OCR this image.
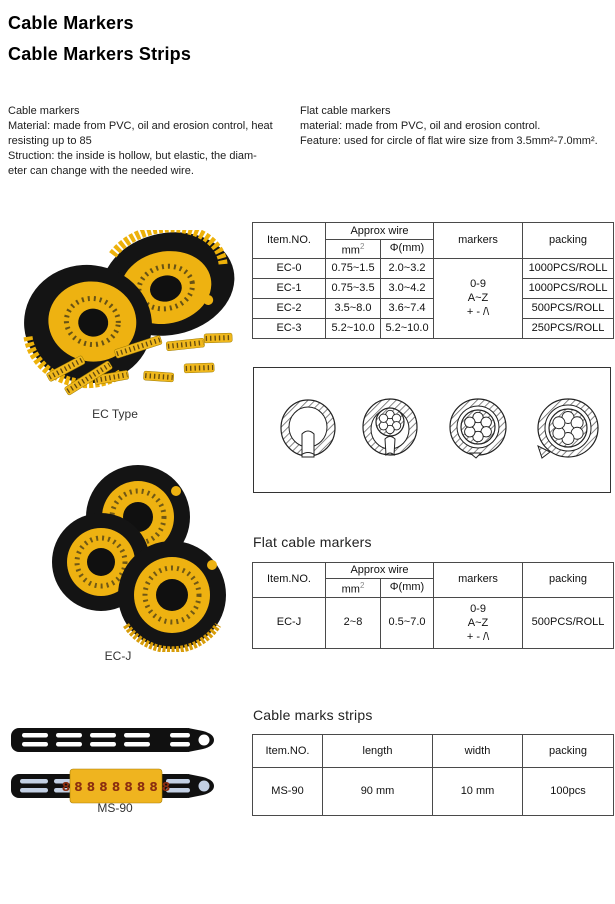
Cable Markers
Cable Markers Strips
Cable markers
Material: made from PVC, oil and erosion control, heat
resisting up to 85
Struction: the inside is hollow, but elastic, the diam-
eter can change with the needed wire.
Flat cable markers
material: made from PVC, oil and erosion control.
Feature: used for circle of flat wire size from 3.5mm²-7.0mm².
Item.NO.	Approx wire		markers	packing
	$mm^2$	Φ(mm)		
EC-0	0.75~1.5	2.0~3.2	0-9
A~Z
+ - /\	1000PCS/ROLL
EC-1	0.75~3.5	3.0~4.2		1000PCS/ROLL
EC-2	3.5~8.0	3.6~7.4		500PCS/ROLL
EC-3	5.2~10.0	5.2~10.0		250PCS/ROLL
EC Type
Flat cable markers
Item.NO.	Approx wire		markers	packing
	$mm^2$	Φ(mm)		
EC-J	2~8	0.5~7.0	0-9
A~Z
+ - /\	500PCS/ROLL
EC-J
Cable marks strips
Item.NO.	length	width	packing
MS-90	90 mm	10 mm	100pcs
8 8 8 8 8 8 8 8 8
MS-90
